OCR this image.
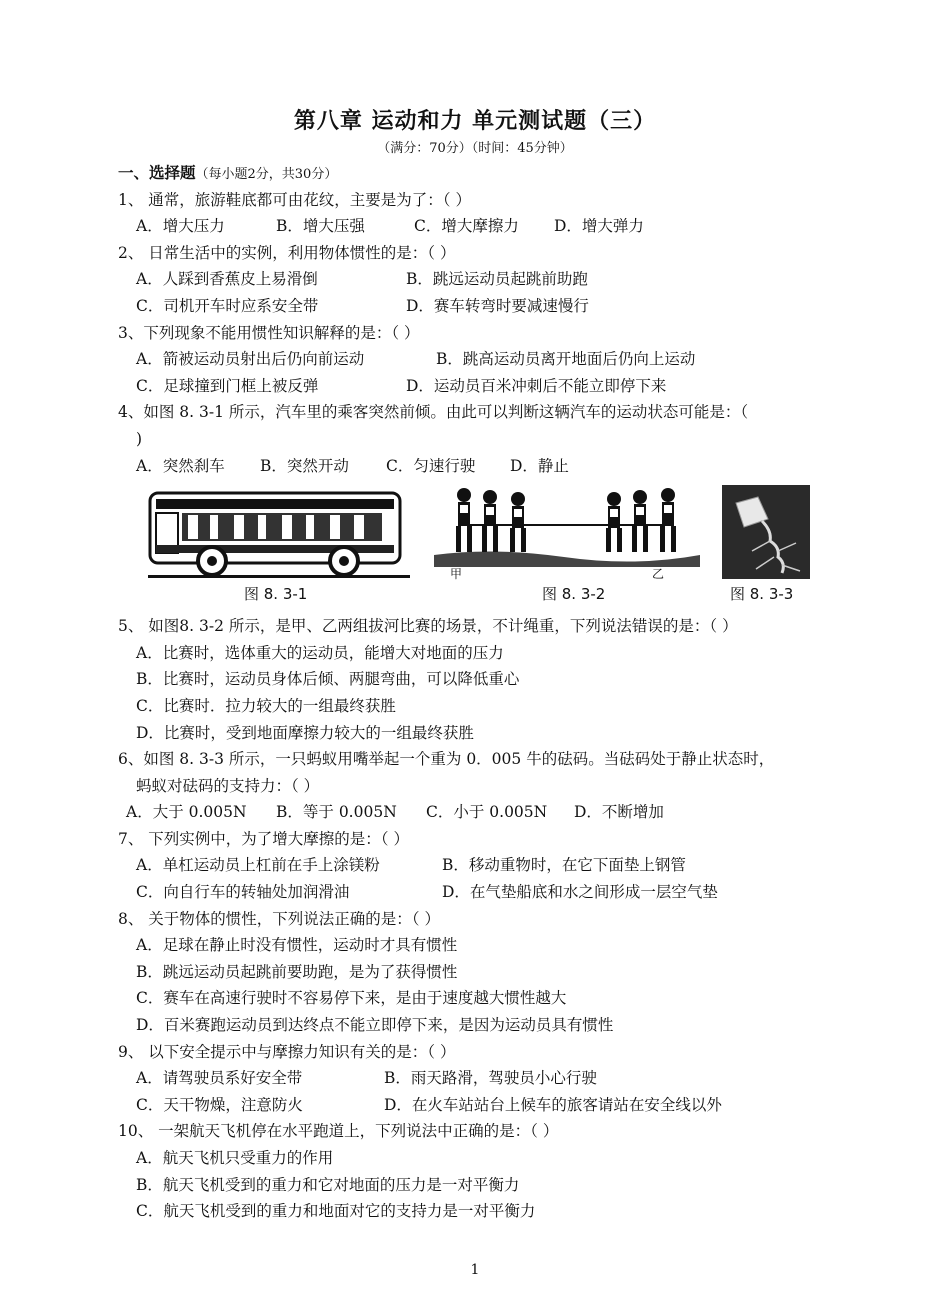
第八章 运动和力 单元测试题（三）
（满分：70分）（时间：45分钟）
一、选择题（每小题2分，共30分）
1、 通常，旅游鞋底都可由花纹，主要是为了：（ ）
A．增大压力	B．增大压强	C．增大摩擦力 D．增大弹力
2、 日常生活中的实例，利用物体惯性的是：（ ）
A．人踩到香蕉皮上易滑倒	B．跳远运动员起跳前助跑
C．司机开车时应系安全带	D．赛车转弯时要减速慢行
3、下列现象不能用惯性知识解释的是：（ ）
A．箭被运动员射出后仍向前运动	B．跳高运动员离开地面后仍向上运动
C．足球撞到门框上被反弹	D．运动员百米冲刺后不能立即停下来
4、如图 8. 3-1 所示，汽车里的乘客突然前倾。由此可以判断这辆汽车的运动状态可能是：（
)
A．突然刹车 B．突然开动 C．匀速行驶 D．静止
图 8. 3-1
甲	乙
图 8. 3-2	图 8. 3-3
5、 如图8. 3-2 所示，是甲、乙两组拔河比赛的场景，不计绳重，下列说法错误的是：（ ）
A．比赛时，选体重大的运动员，能增大对地面的压力
B．比赛时，运动员身体后倾、两腿弯曲，可以降低重心
C．比赛时．拉力较大的一组最终获胜
D．比赛时，受到地面摩擦力较大的一组最终获胜
6、如图 8. 3-3 所示，一只蚂蚁用嘴举起一个重为 0．005 牛的砝码。当砝码处于静止状态时，
蚂蚁对砝码的支持力：（ ）
A．大于 0.005N B．等于 0.005N C．小于 0.005N D．不断增加
7、 下列实例中，为了增大摩擦的是：（ ）
A．单杠运动员上杠前在手上涂镁粉	B．移动重物时，在它下面垫上钢管
C．向自行车的转轴处加润滑油	D．在气垫船底和水之间形成一层空气垫
8、 关于物体的惯性，下列说法正确的是：（ ）
A．足球在静止时没有惯性，运动时才具有惯性
B．跳远运动员起跳前要助跑，是为了获得惯性
C．赛车在高速行驶时不容易停下来，是由于速度越大惯性越大
D．百米赛跑运动员到达终点不能立即停下来，是因为运动员具有惯性
9、 以下安全提示中与摩擦力知识有关的是：（ ）
A．请驾驶员系好安全带	B．雨天路滑，驾驶员小心行驶
C．天干物燥，注意防火	D．在火车站站台上候车的旅客请站在安全线以外
10、 一架航天飞机停在水平跑道上，下列说法中正确的是：（ ）
A．航天飞机只受重力的作用
B．航天飞机受到的重力和它对地面的压力是一对平衡力
C．航天飞机受到的重力和地面对它的支持力是一对平衡力
1
